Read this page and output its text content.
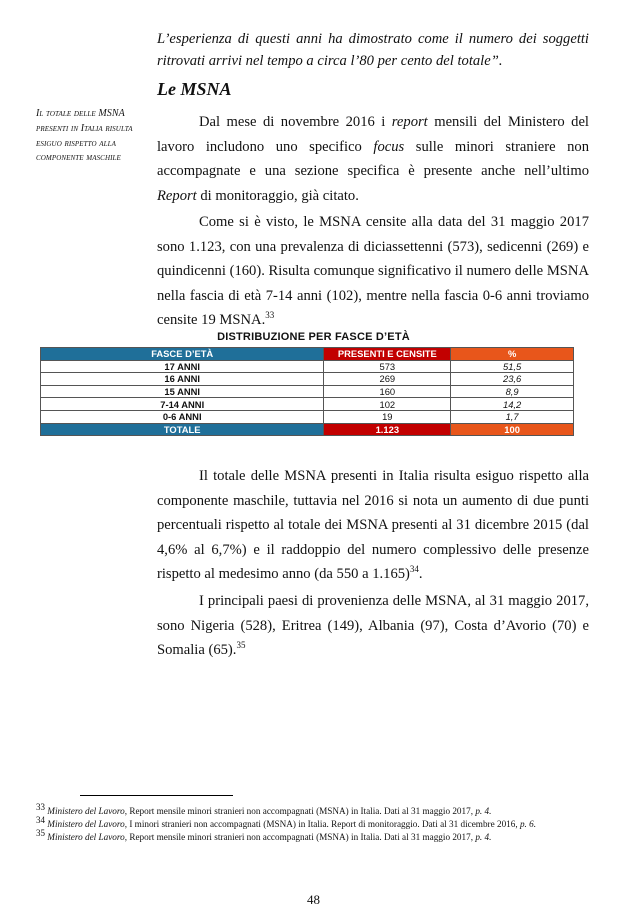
L’esperienza di questi anni ha dimostrato come il numero dei soggetti ritrovati arrivi nel tempo a circa l’80 per cento del totale”.
Le MSNA
Il totale delle MSNA presenti in Italia risulta esiguo rispetto alla componente maschile

Dal mese di novembre 2016 i report mensili del Ministero del lavoro includono uno specifico focus sulle minori straniere non accompagnate e una sezione specifica è presente anche nell’ultimo Report di monitoraggio, già citato.

Come si è visto, le MSNA censite alla data del 31 maggio 2017 sono 1.123, con una prevalenza di diciassettenni (573), sedicenni (269) e quindicenni (160). Risulta comunque significativo il numero delle MSNA nella fascia di età 7-14 anni (102), mentre nella fascia 0-6 anni troviamo censite 19 MSNA.$^{33}$

DISTRIBUZIONE PER FASCE D’ETÀ
FASCE D’ETÀ	PRESENTI E CENSITE	%
17 ANNI	573	51,5
16 ANNI	269	23,6
15 ANNI	160	8,9
7-14 ANNI	102	14,2
0-6 ANNI	19	1,7
TOTALE	1.123	100

Il totale delle MSNA presenti in Italia risulta esiguo rispetto alla componente maschile, tuttavia nel 2016 si nota un aumento di due punti percentuali rispetto al totale dei MSNA presenti al 31 dicembre 2015 (dal 4,6% al 6,7%) e il raddoppio del numero complessivo delle presenze rispetto al medesimo anno (da 550 a 1.165)$^{34}$.

I principali paesi di provenienza delle MSNA, al 31 maggio 2017, sono Nigeria (528), Eritrea (149), Albania (97), Costa d’Avorio (70) e Somalia (65).$^{35}$

$^{33}$ Ministero del Lavoro, Report mensile minori stranieri non accompagnati (MSNA) in Italia. Dati al 31 maggio 2017, p. 4.
$^{34}$ Ministero del Lavoro, I minori stranieri non accompagnati (MSNA) in Italia. Report di monitoraggio. Dati al 31 dicembre 2016, p. 6.
$^{35}$ Ministero del Lavoro, Report mensile minori stranieri non accompagnati (MSNA) in Italia. Dati al 31 maggio 2017, p. 4.
48
